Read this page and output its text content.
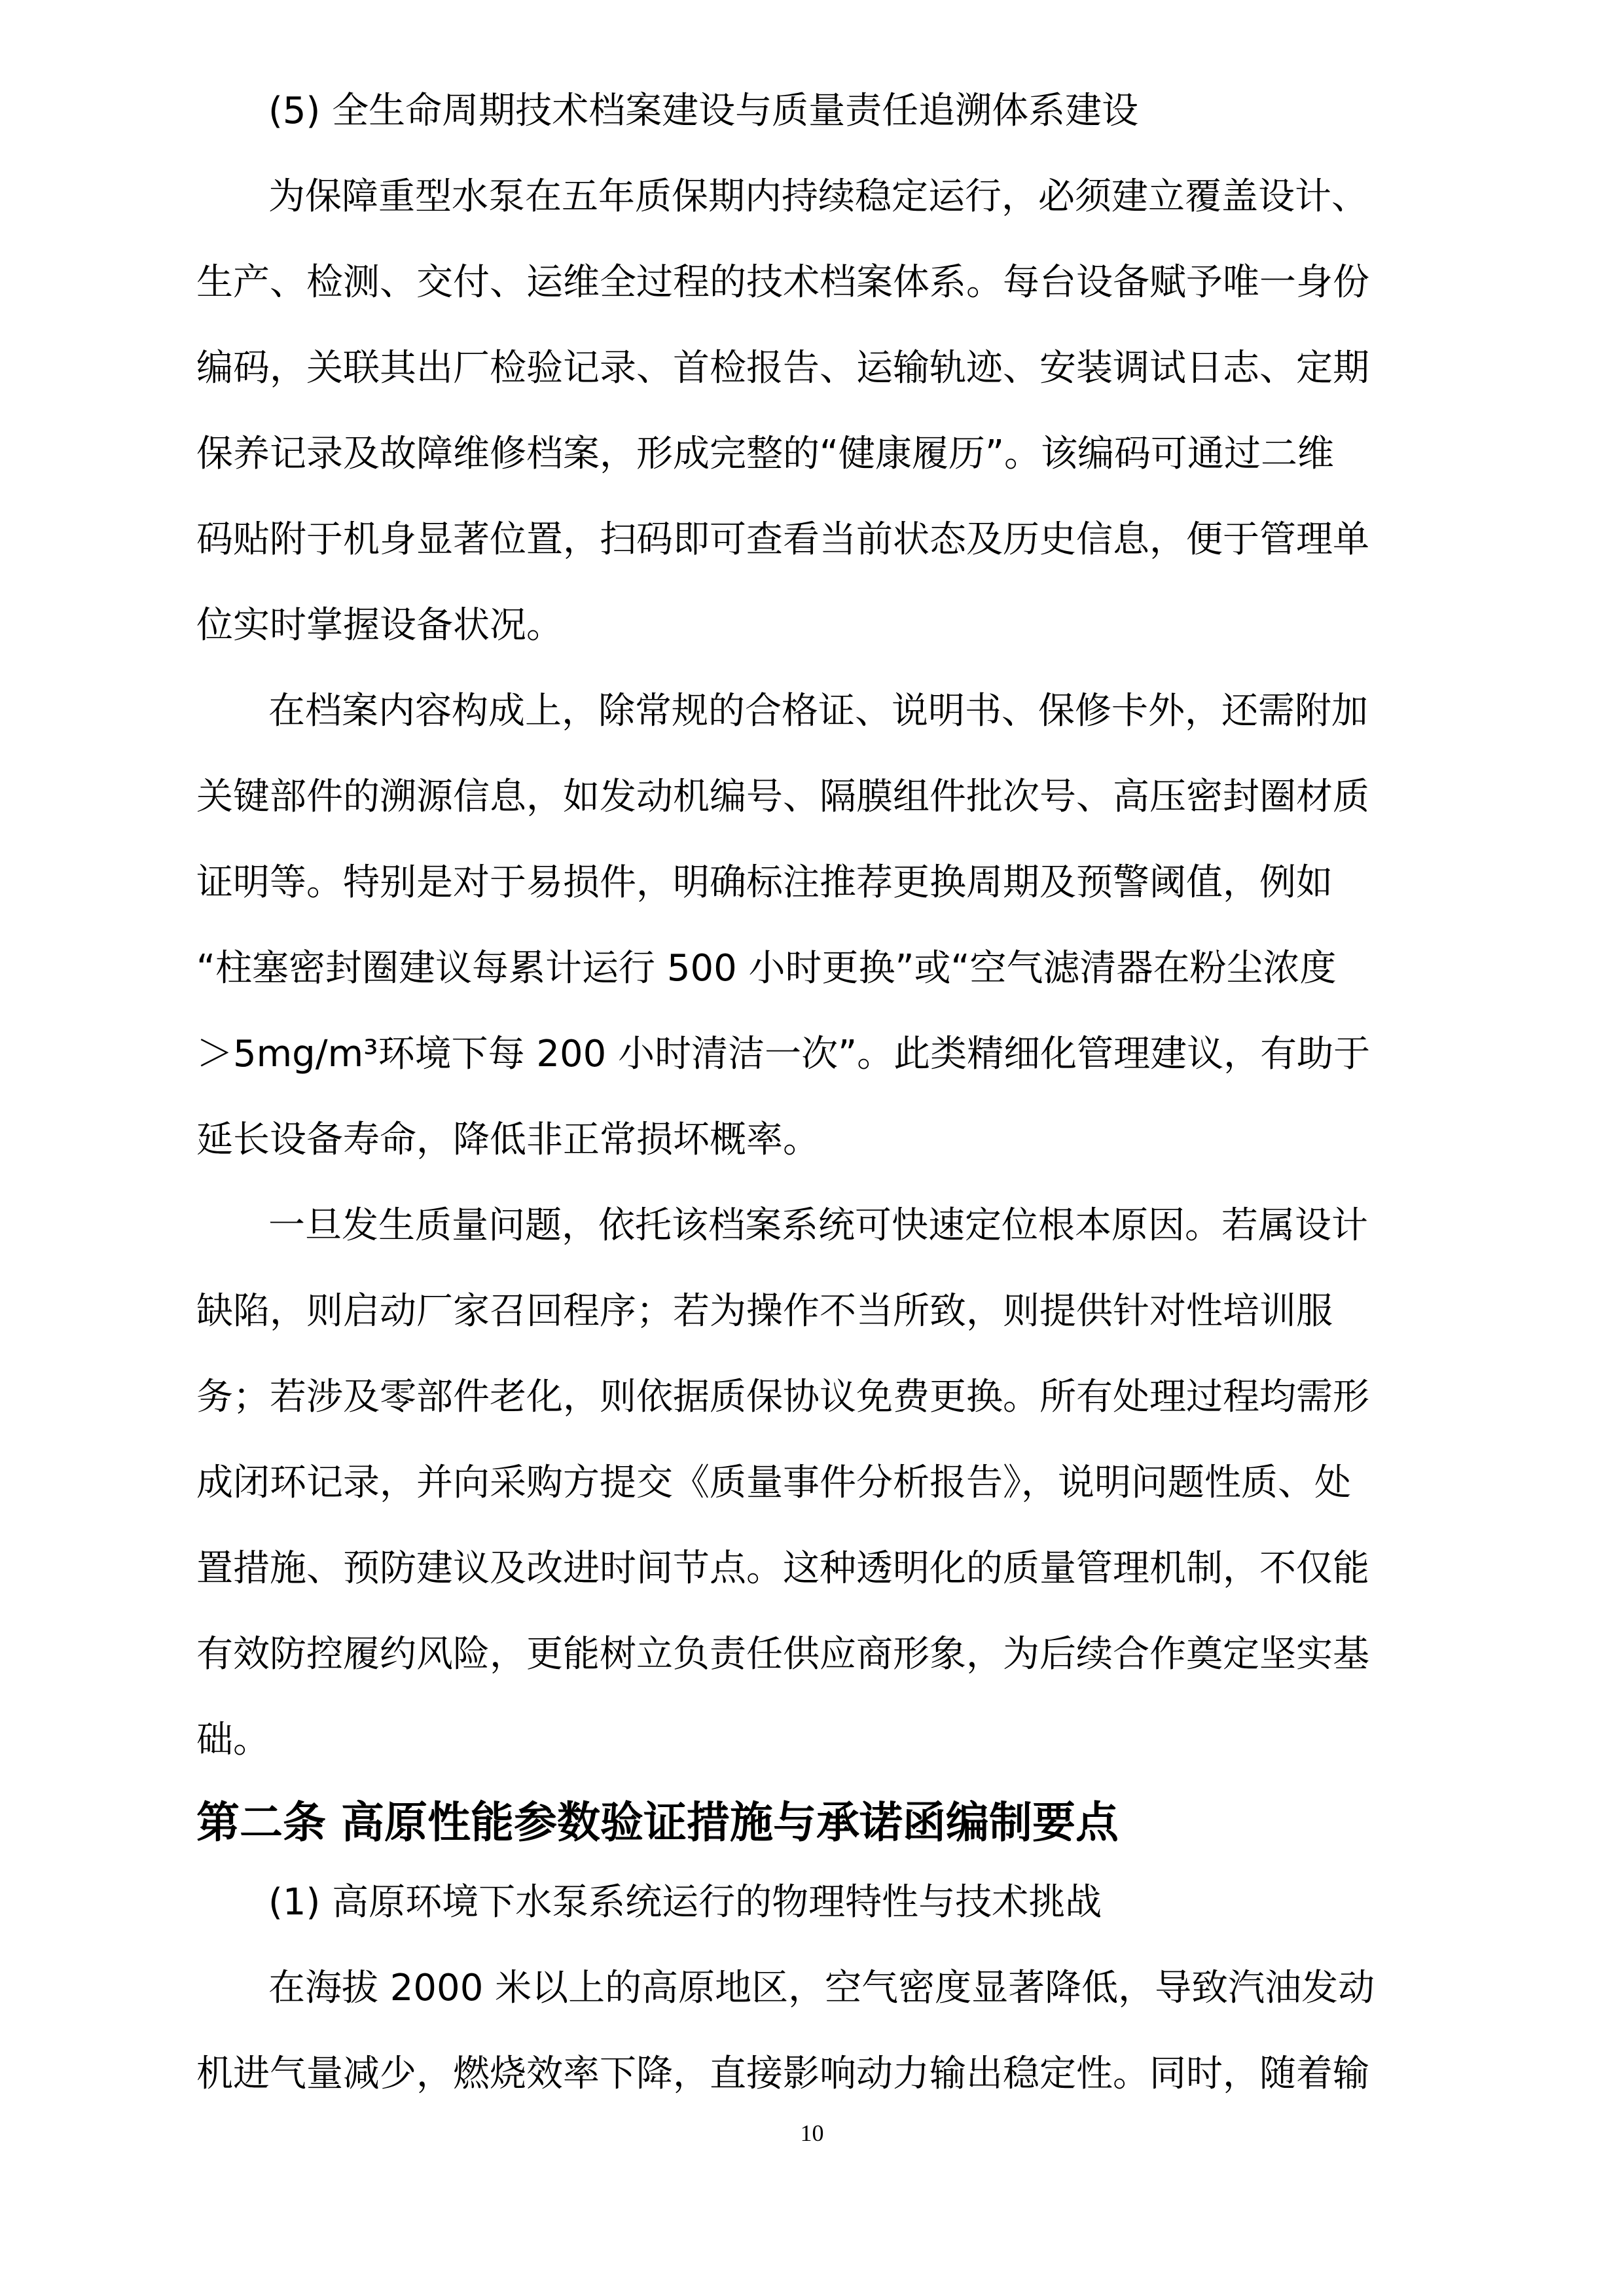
(5) 全生命周期技术档案建设与质量责任追溯体系建设
为保障重型水泵在五年质保期内持续稳定运行，必须建立覆盖设计、
生产、检测、交付、运维全过程的技术档案体系。每台设备赋予唯一身份
编码，关联其出厂检验记录、首检报告、运输轨迹、安装调试日志、定期
保养记录及故障维修档案，形成完整的“健康履历”。该编码可通过二维
码贴附于机身显著位置，扫码即可查看当前状态及历史信息，便于管理单
位实时掌握设备状况。
在档案内容构成上，除常规的合格证、说明书、保修卡外，还需附加
关键部件的溯源信息，如发动机编号、隔膜组件批次号、高压密封圈材质
证明等。特别是对于易损件，明确标注推荐更换周期及预警阈值，例如
“柱塞密封圈建议每累计运行 500 小时更换”或“空气滤清器在粉尘浓度
＞5mg/m³环境下每 200 小时清洁一次”。此类精细化管理建议，有助于
延长设备寿命，降低非正常损坏概率。
一旦发生质量问题，依托该档案系统可快速定位根本原因。若属设计
缺陷，则启动厂家召回程序；若为操作不当所致，则提供针对性培训服
务；若涉及零部件老化，则依据质保协议免费更换。所有处理过程均需形
成闭环记录，并向采购方提交《质量事件分析报告》，说明问题性质、处
置措施、预防建议及改进时间节点。这种透明化的质量管理机制，不仅能
有效防控履约风险，更能树立负责任供应商形象，为后续合作奠定坚实基
础。
第二条 高原性能参数验证措施与承诺函编制要点
(1) 高原环境下水泵系统运行的物理特性与技术挑战
在海拔 2000 米以上的高原地区，空气密度显著降低，导致汽油发动
机进气量减少，燃烧效率下降，直接影响动力输出稳定性。同时，随着输
10
